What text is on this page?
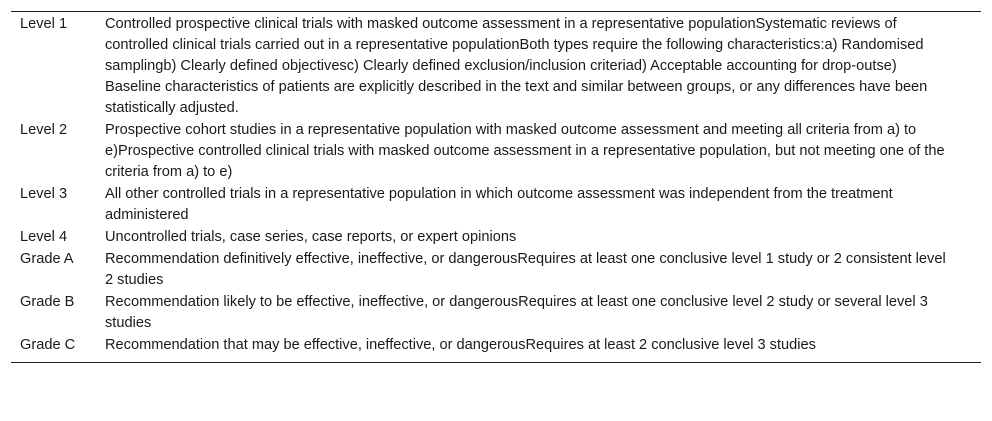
Level 1	Controlled prospective clinical trials with masked outcome assessment in a representative populationSystematic reviews of controlled clinical trials carried out in a representative populationBoth types require the following characteristics:a) Randomised samplingb) Clearly defined objectivesc) Clearly defined exclusion/inclusion criteriad) Acceptable accounting for drop-outse) Baseline characteristics of patients are explicitly described in the text and similar between groups, or any differences have been statistically adjusted.
Level 2	Prospective cohort studies in a representative population with masked outcome assessment and meeting all criteria from a) to e)Prospective controlled clinical trials with masked outcome assessment in a representative population, but not meeting one of the criteria from a) to e)
Level 3	All other controlled trials in a representative population in which outcome assessment was independent from the treatment administered
Level 4	Uncontrolled trials, case series, case reports, or expert opinions
Grade A	Recommendation definitively effective, ineffective, or dangerousRequires at least one conclusive level 1 study or 2 consistent level 2 studies
Grade B	Recommendation likely to be effective, ineffective, or dangerousRequires at least one conclusive level 2 study or several level 3 studies
Grade C	Recommendation that may be effective, ineffective, or dangerousRequires at least 2 conclusive level 3 studies
